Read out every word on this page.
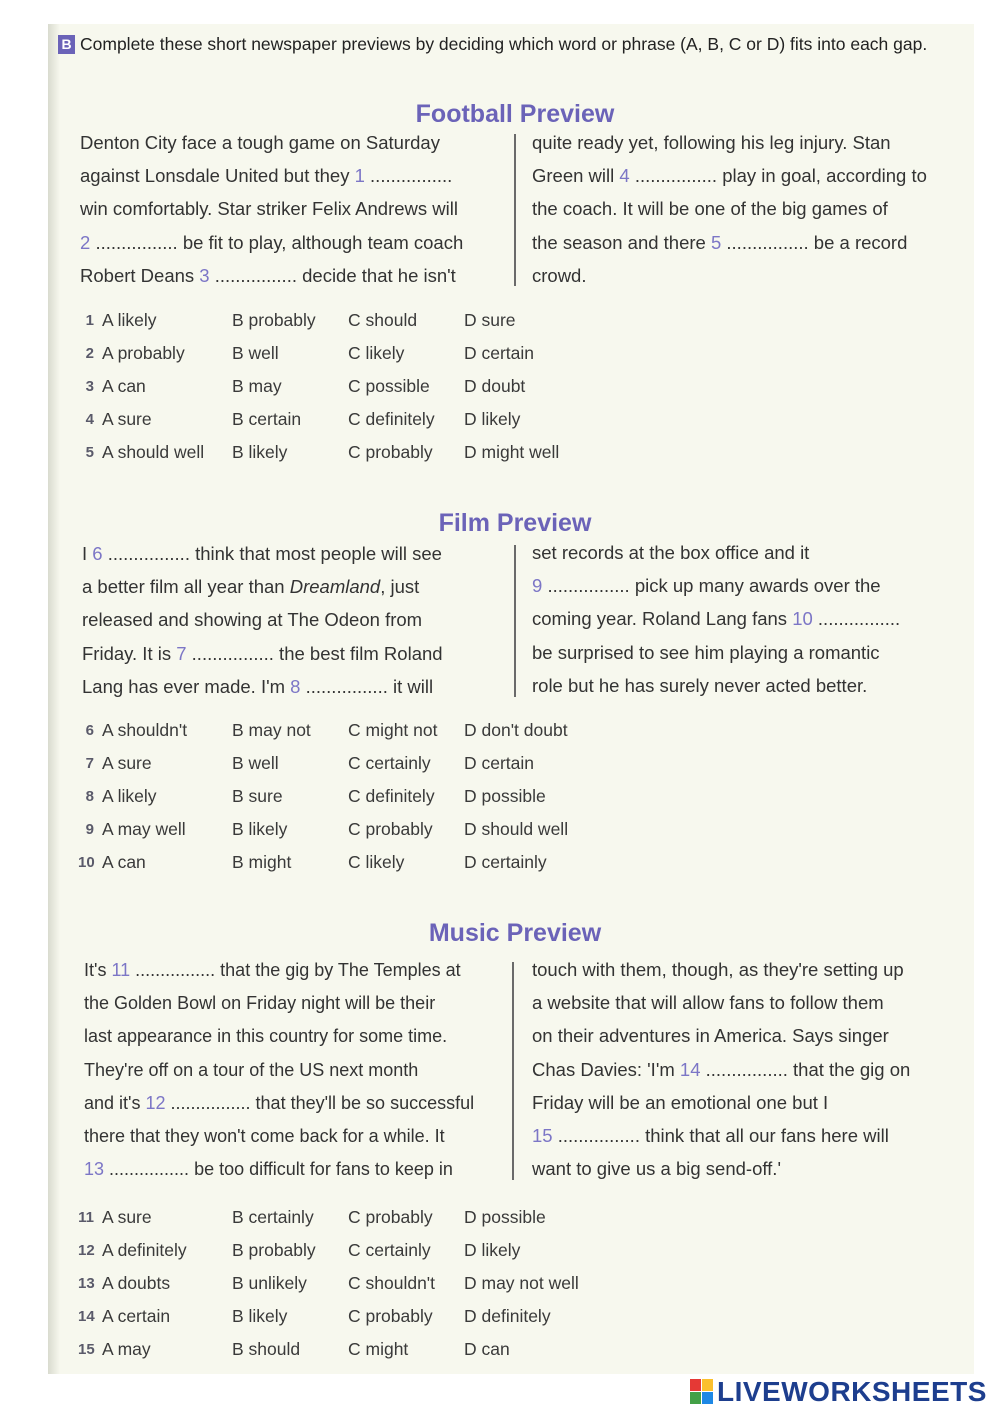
B Complete these short newspaper previews by deciding which word or phrase (A, B, C or D) fits into each gap.
Football Preview

Denton City face a tough game on Saturday

against Lonsdale United but they 1 ................

win comfortably. Star striker Felix Andrews will

2 ................ be fit to play, although team coach

Robert Deans 3 ................ decide that he isn't

quite ready yet, following his leg injury. Stan

Green will 4 ................ play in goal, according to

the coach. It will be one of the big games of

the season and there 5 ................ be a record

crowd.

1 A likely	B probably C should	D sure
2 A probably	B well	C likely	D certain
3 A can	B may	C possible D doubt
4 A sure	B certain	C definitely D likely
5 A should well B likely	C probably D might well
Film Preview

I 6 ................ think that most people will see

a better film all year than Dreamland, just

released and showing at The Odeon from

Friday. It is 7 ................ the best film Roland

Lang has ever made. I'm 8 ................ it will

set records at the box office and it

9 ................ pick up many awards over the

coming year. Roland Lang fans 10 ................

be surprised to see him playing a romantic

role but he has surely never acted better.

6 A shouldn't	B may not C might not D don't doubt
7 A sure	B well	C certainly D certain
8 A likely	B sure	C definitely D possible
9 A may well	B likely	C probably D should well
10 A can	B might	C likely	D certainly
Music Preview

It's 11 ................ that the gig by The Temples at

the Golden Bowl on Friday night will be their

last appearance in this country for some time.

They're off on a tour of the US next month

and it's 12 ................ that they'll be so successful

there that they won't come back for a while. It

13 ................ be too difficult for fans to keep in

touch with them, though, as they're setting up

a website that will allow fans to follow them

on their adventures in America. Says singer

Chas Davies: 'I'm 14 ................ that the gig on

Friday will be an emotional one but I

15 ................ think that all our fans here will

want to give us a big send-off.'

11 A sure	B certainly C probably D possible
12 A definitely	B probably C certainly D likely
13 A doubts	B unlikely C shouldn't D may not well
14 A certain	B likely	C probably D definitely
15 A may	B should	C might	D can
LIVEWORKSHEETS
